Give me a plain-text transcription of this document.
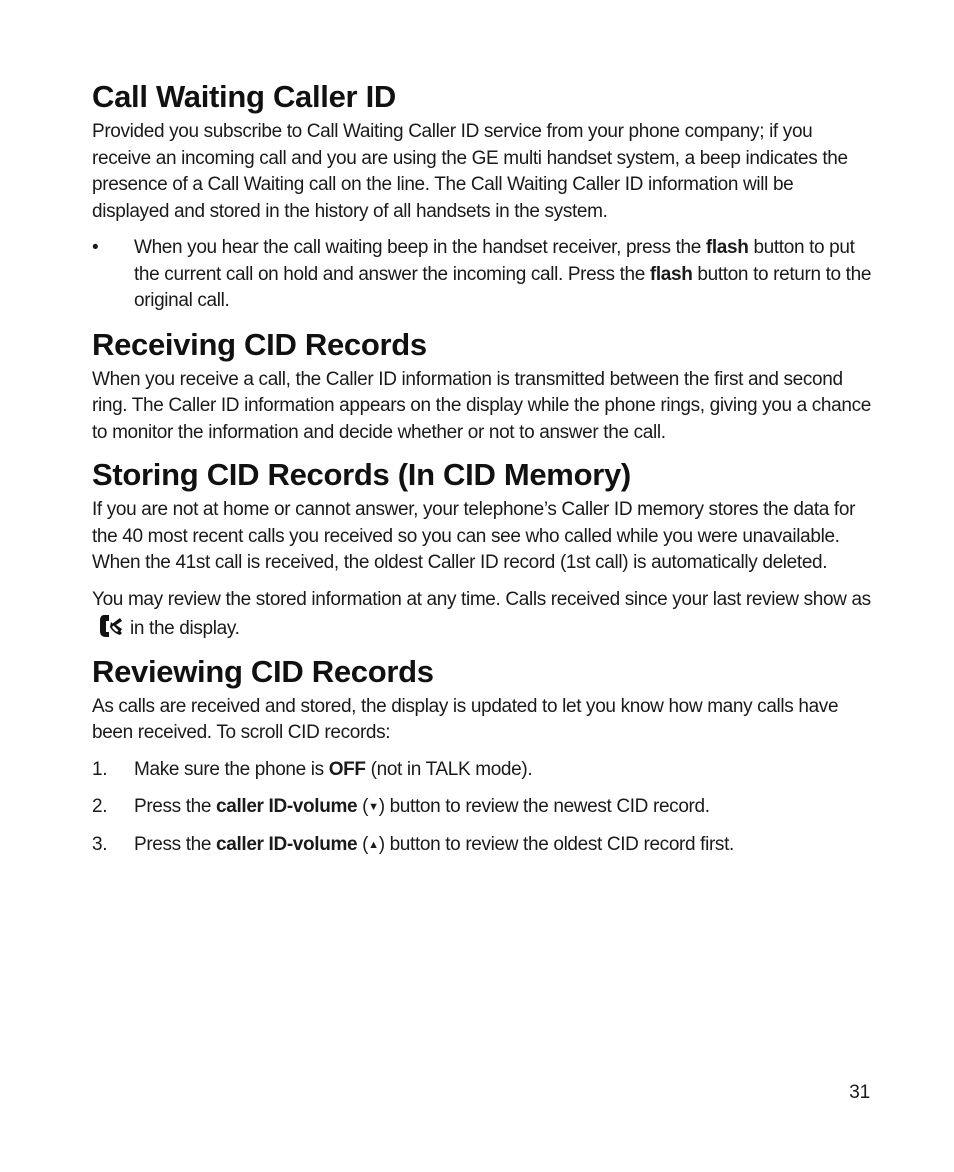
Call Waiting Caller ID

Provided you subscribe to Call Waiting Caller ID service from your phone company; if you receive an incoming call and you are using the GE multi handset system, a beep indicates the presence of a Call Waiting call on the line. The Call Waiting Caller ID information will be displayed and stored in the history of all handsets in the system.

• When you hear the call waiting beep in the handset receiver, press the flash button to put the current call on hold and answer the incoming call. Press the flash button to return to the original call.
Receiving CID Records

When you receive a call, the Caller ID information is transmitted between the first and second ring. The Caller ID information appears on the display while the phone rings, giving you a chance to monitor the information and decide whether or not to answer the call.

Storing CID Records (In CID Memory)

If you are not at home or cannot answer, your telephone’s Caller ID memory stores the data for the 40 most recent calls you received so you can see who called while you were unavailable. When the 41st call is received, the oldest Caller ID record (1st call) is automatically deleted.

You may review the stored information at any time. Calls received since your last review show asin the display.

Reviewing CID Records

As calls are received and stored, the display is updated to let you know how many calls have been received. To scroll CID records:

1. Make sure the phone is OFF (not in TALK mode).
2. Press the caller ID-volume (▼) button to review the newest CID record.
3. Press the caller ID-volume (▲) button to review the oldest CID record first.
31
